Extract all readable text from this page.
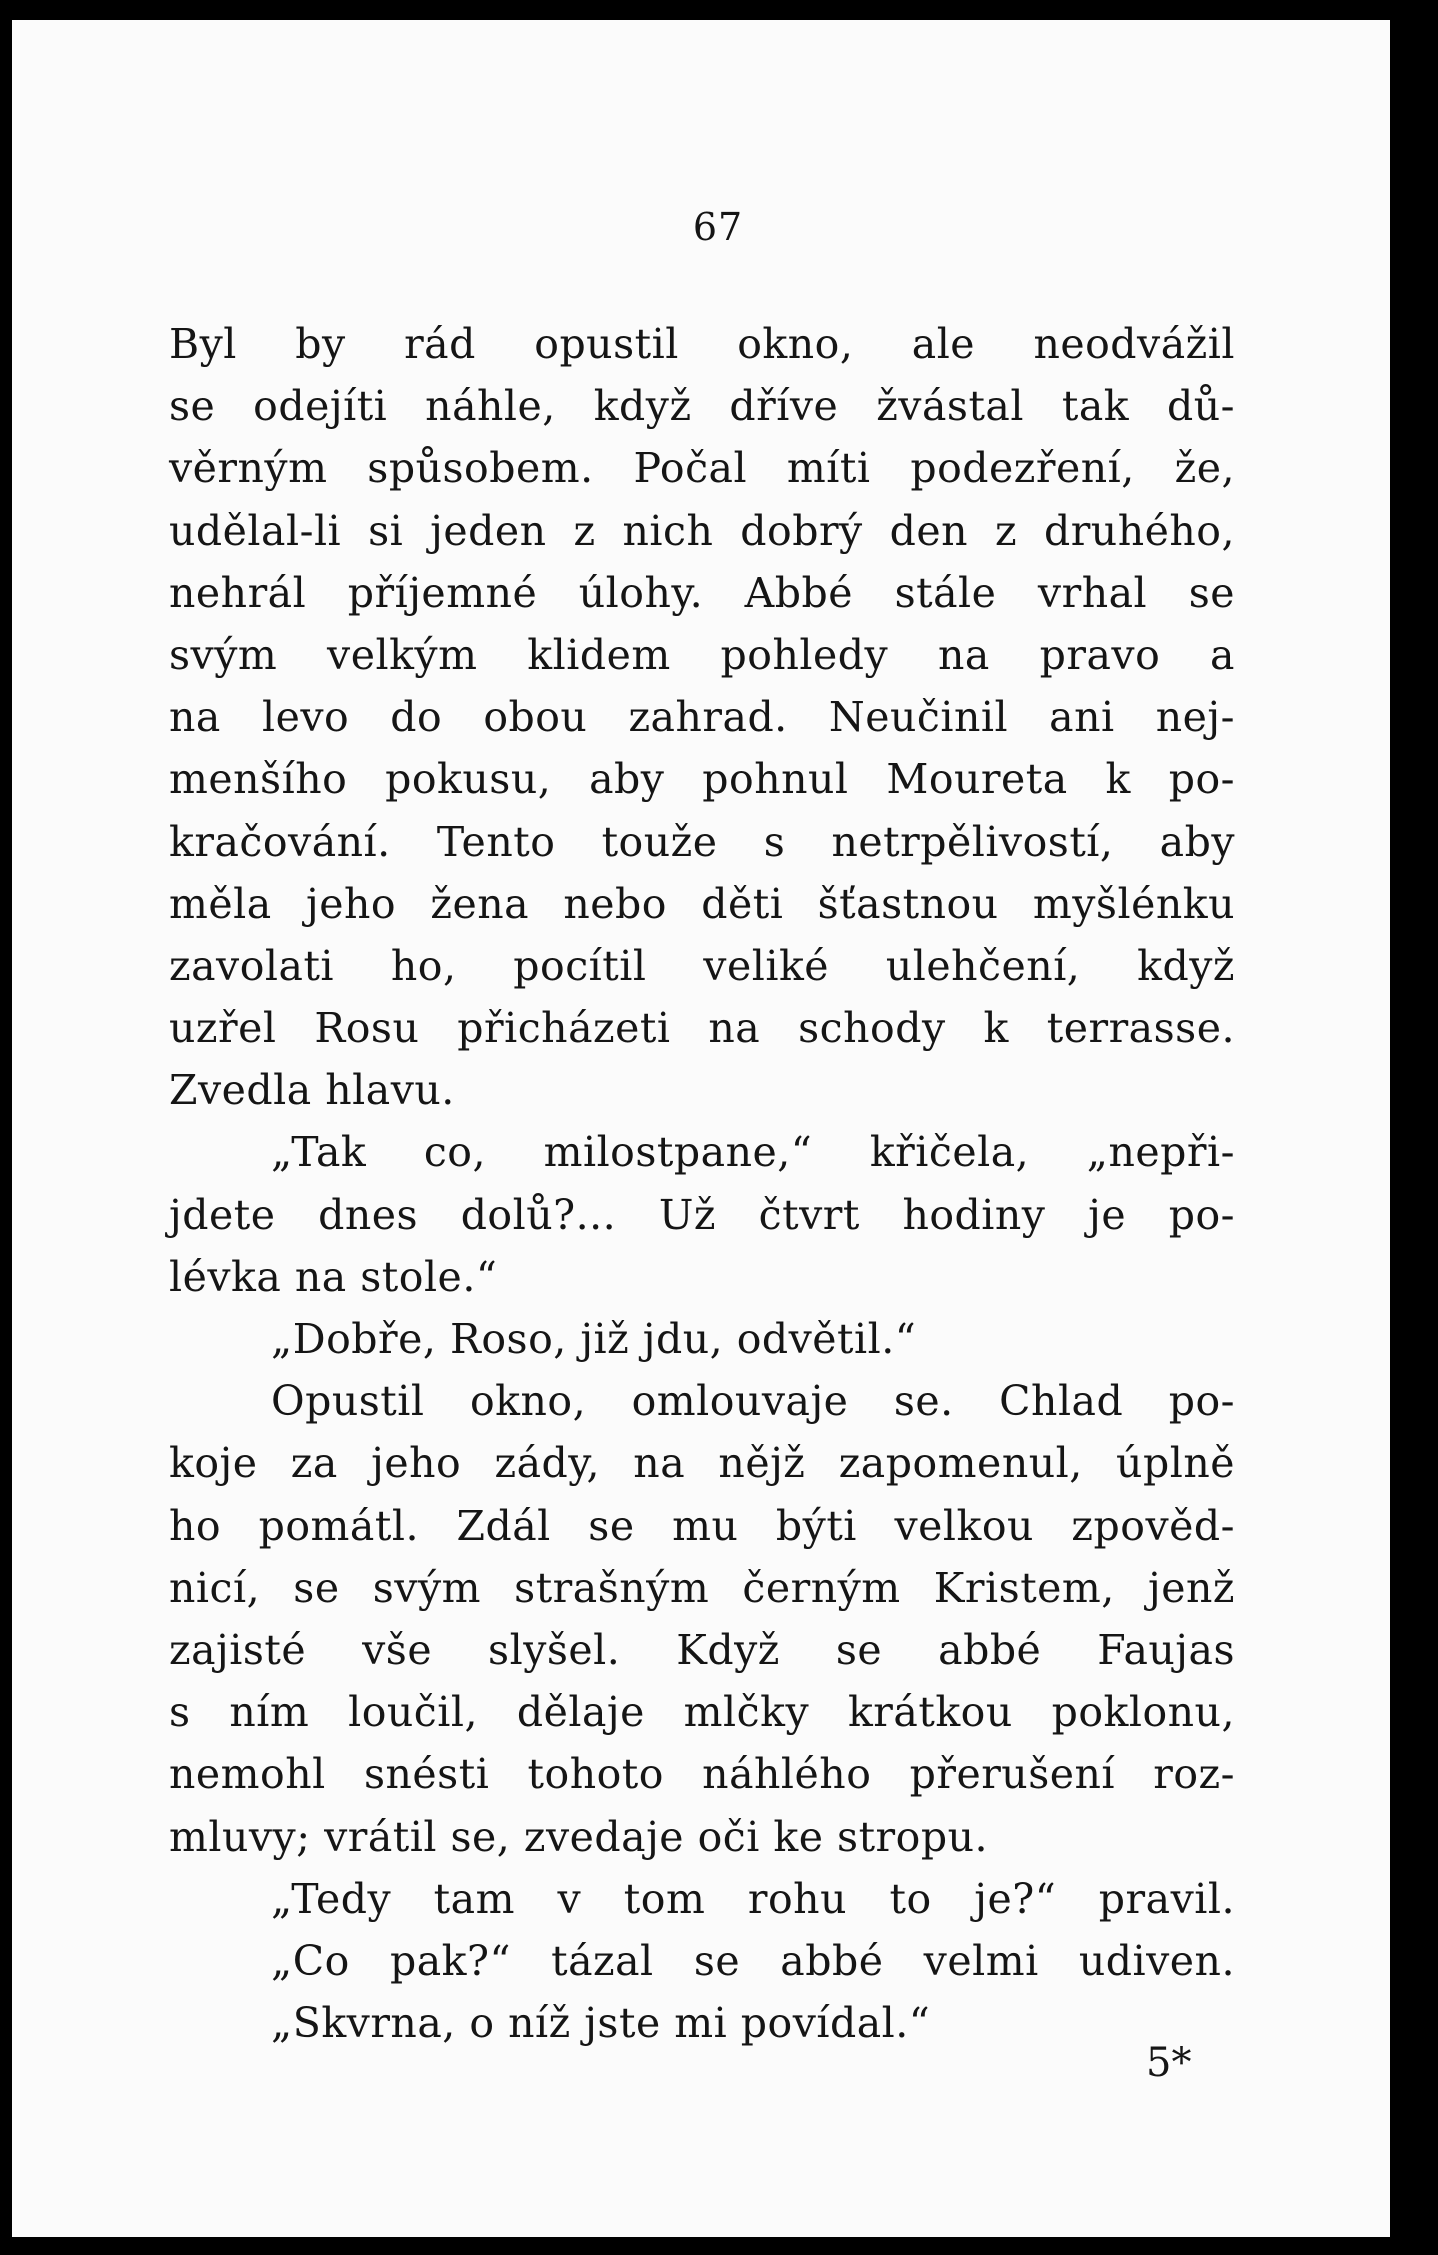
67
Byl by rád opustil okno, ale neodvážil
se odejíti náhle, když dříve žvástal tak dů-
věrným spůsobem. Počal míti podezření, že,
udělal-li si jeden z nich dobrý den z druhého,
nehrál příjemné úlohy. Abbé stále vrhal se
svým velkým klidem pohledy na pravo a
na levo do obou zahrad. Neučinil ani nej-
menšího pokusu, aby pohnul Moureta k po-
kračování. Tento touže s netrpělivostí, aby
měla jeho žena nebo děti šťastnou myšlénku
zavolati ho, pocítil veliké ulehčení, když
uzřel Rosu přicházeti na schody k terrasse.
Zvedla hlavu.
„Tak co, milostpane,“ křičela, „nepři-
jdete dnes dolů?... Už čtvrt hodiny je po-
lévka na stole.“
„Dobře, Roso, již jdu, odvětil.“
Opustil okno, omlouvaje se. Chlad po-
koje za jeho zády, na nějž zapomenul, úplně
ho pomátl. Zdál se mu býti velkou zpověd-
nicí, se svým strašným černým Kristem, jenž
zajisté vše slyšel. Když se abbé Faujas
s ním loučil, dělaje mlčky krátkou poklonu,
nemohl snésti tohoto náhlého přerušení roz-
mluvy; vrátil se, zvedaje oči ke stropu.
„Tedy tam v tom rohu to je?“ pravil.
„Co pak?“ tázal se abbé velmi udiven.
„Skvrna, o níž jste mi povídal.“
5*
